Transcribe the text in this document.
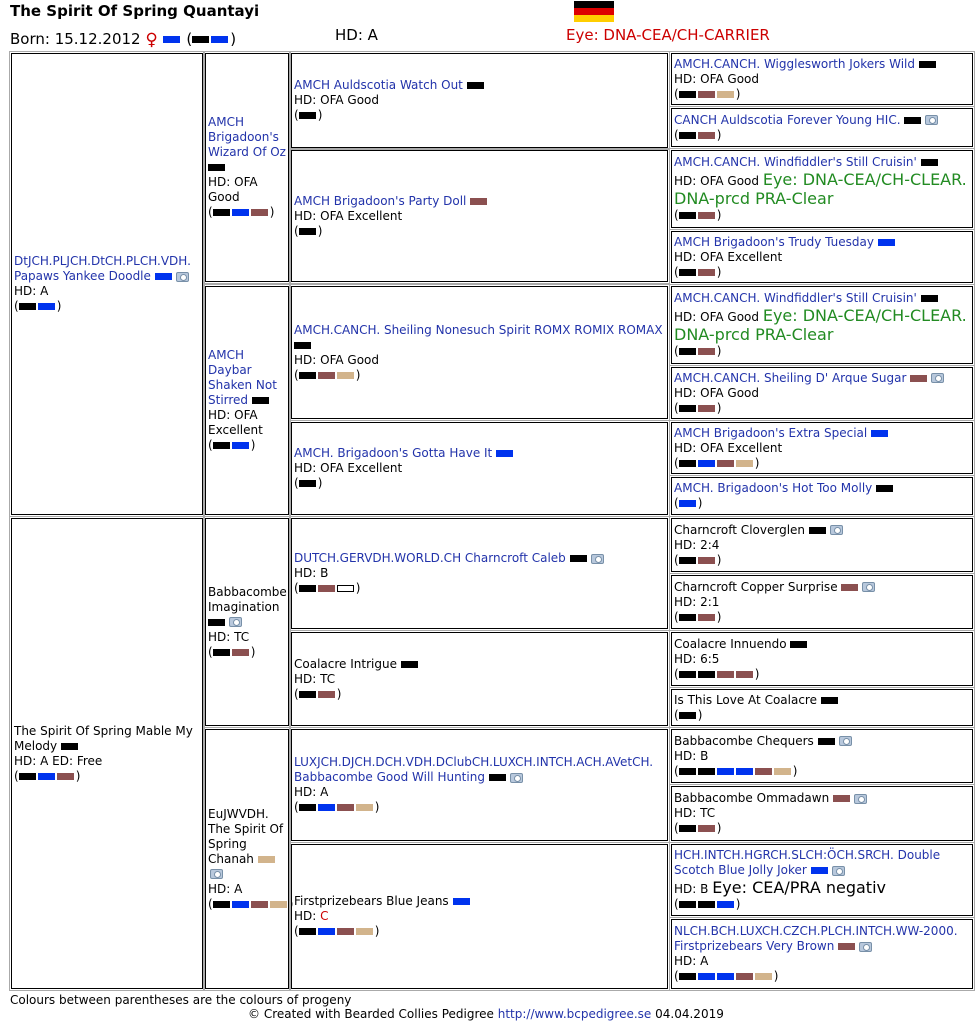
The Spirit Of Spring Quantayi
Born: 15.12.2012 ♀  (	)	HD: A	Eye: DNA-CEA/CH-CARRIER
DtJCH.PLJCH.DtCH.PLCH.VDH. Papaws Yankee Doodle
HD: A
(	)
AMCH Brigadoon's Wizard Of Oz
HD: OFA Good
(	)
AMCH Daybar Shaken Not Stirred
HD: OFA Excellent
(	)
AMCH Auldscotia Watch Out
HD: OFA Good
( )
AMCH Brigadoon's Party Doll
HD: OFA Excellent
( )
AMCH.CANCH. Sheiling Nonesuch Spirit ROMX ROMIX ROMAX
HD: OFA Good
(	)
AMCH. Brigadoon's Gotta Have It
HD: OFA Excellent
( )
AMCH.CANCH. Wigglesworth Jokers Wild
HD: OFA Good
(	)
CANCH Auldscotia Forever Young HIC.
(	)
AMCH.CANCH. Windfiddler's Still Cruisin'
HD: OFA Good Eye: DNA-CEA/CH-CLEAR. DNA-prcd PRA-Clear
(	)
AMCH Brigadoon's Trudy Tuesday
HD: OFA Excellent
(	)
AMCH.CANCH. Windfiddler's Still Cruisin'
HD: OFA Good Eye: DNA-CEA/CH-CLEAR. DNA-prcd PRA-Clear
(	)
AMCH.CANCH. Sheiling D' Arque Sugar
HD: OFA Good
(	)
AMCH Brigadoon's Extra Special
HD: OFA Excellent
(	)
AMCH. Brigadoon's Hot Too Molly
( )
The Spirit Of Spring Mable My Melody
HD: A ED: Free
(	)
Babbacombe Imagination
HD: TC
(	)
EuJWVDH. The Spirit Of Spring Chanah
HD: A
(	)
DUTCH.GERVDH.WORLD.CH Charncroft Caleb
HD: B
(	)
Coalacre Intrigue
HD: TC
(	)
LUXJCH.DJCH.DCH.VDH.DClubCH.LUXCH.INTCH.ACH.AVetCH. Babbacombe Good Will Hunting
HD: A
(	)
Firstprizebears Blue Jeans
HD: C
(	)
Charncroft Cloverglen
HD: 2:4
(	)
Charncroft Copper Surprise
HD: 2:1
(	)
Coalacre Innuendo
HD: 6:5
(	)
Is This Love At Coalacre
( )
Babbacombe Chequers
HD: B
(	)
Babbacombe Ommadawn
HD: TC
(	)
HCH.INTCH.HGRCH.SLCH:ÖCH.SRCH. Double Scotch Blue Jolly Joker
HD: B Eye: CEA/PRA negativ
(	)
NLCH.BCH.LUXCH.CZCH.PLCH.INTCH.WW-2000. Firstprizebears Very Brown
HD: A
(	)
Colours between parentheses are the colours of progeny
© Created with Bearded Collies Pedigree http://www.bcpedigree.se 04.04.2019
